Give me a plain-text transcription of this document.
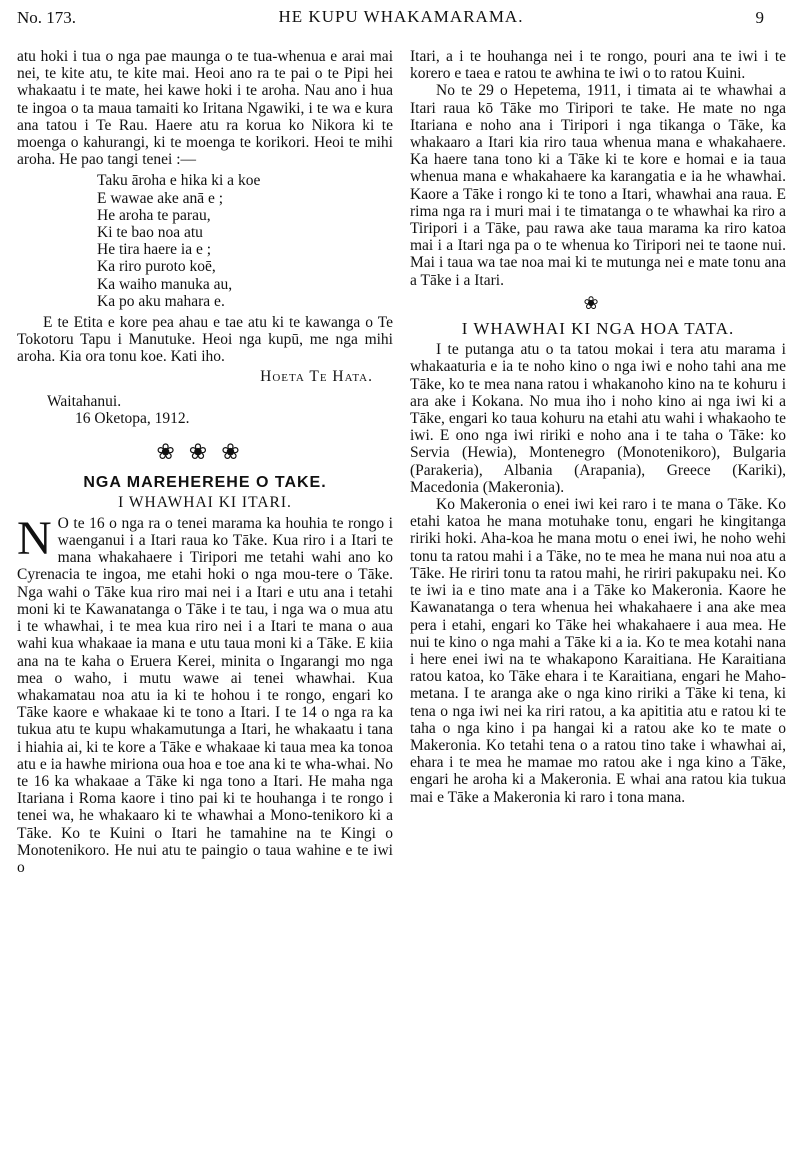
No. 173.	HE KUPU WHAKAMARAMA.	9

atu hoki i tua o nga pae maunga o te tua-whenua e arai mai nei, te kite atu, te kite mai. Heoi ano ra te pai o te Pipi hei whakaatu i te mate, hei kawe hoki i te aroha. Nau ano i hua te ingoa o ta maua tamaiti ko Iritana Ngawiki, i te wa e kura ana tatou i Te Rau. Haere atu ra korua ko Nikora ki te moenga o kahurangi, ki te moenga te korikori. Heoi te mihi aroha. He pao tangi tenei :—

Taku āroha e hika ki a koe
E wawae ake anā e ;
He aroha te parau,
Ki te bao noa atu
He tira haere ia e ;
Ka riro puroto koē,
Ka waiho manuka au,
Ka po aku mahara e.

E te Etita e kore pea ahau e tae atu ki te kawanga o Te Tokotoru Tapu i Manutuke. Heoi nga kupū, me nga mihi aroha. Kia ora tonu koe. Kati iho.

Hoeta Te Hata.
Waitahanui.
16 Oketopa, 1912.
❀❀❀
NGA MAREHEREHE O TAKE.
I WHAWHAI KI ITARI.

N O te 16 o nga ra o tenei marama ka houhia te rongo i waenganui i a Itari raua ko Tāke. Kua riro i a Itari te mana whakahaere i Tiripori me tetahi wahi ano ko Cyrenacia te ingoa, me etahi hoki o nga mou-tere o Tāke. Nga wahi o Tāke kua riro mai nei i a Itari e utu ana i tetahi moni ki te Kawanatanga o Tāke i te tau, i nga wa o mua atu i te whawhai, i te mea kua riro nei i a Itari te mana o aua wahi kua whakaae ia mana e utu taua moni ki a Tāke. E kiia ana na te kaha o Eruera Kerei, minita o Ingarangi mo nga mea o waho, i mutu wawe ai tenei whawhai. Kua whakamatau noa atu ia ki te hohou i te rongo, engari ko Tāke kaore e whakaae ki te tono a Itari. I te 14 o nga ra ka tukua atu te kupu whakamutunga a Itari, he whakaatu i tana i hiahia ai, ki te kore a Tāke e whakaae ki taua mea ka tonoa atu e ia hawhe miriona oua hoa e toe ana ki te wha-whai. No te 16 ka whakaae a Tāke ki nga tono a Itari. He maha nga Itariana i Roma kaore i tino pai ki te houhanga i te rongo i tenei wa, he whakaaro ki te whawhai a Mono-tenikoro ki a Tāke. Ko te Kuini o Itari he tamahine na te Kingi o Monotenikoro. He nui atu te paingio o taua wahine e te iwi o

Itari, a i te houhanga nei i te rongo, pouri ana te iwi i te korero e taea e ratou te awhina te iwi o to ratou Kuini.

No te 29 o Hepetema, 1911, i timata ai te whawhai a Itari raua kō Tāke mo Tiripori te take. He mate no nga Itariana e noho ana i Tiripori i nga tikanga o Tāke, ka whakaaro a Itari kia riro taua whenua mana e whakahaere. Ka haere tana tono ki a Tāke ki te kore e homai e ia taua whenua mana e whakahaere ka karangatia e ia he whawhai. Kaore a Tāke i rongo ki te tono a Itari, whawhai ana raua. E rima nga ra i muri mai i te timatanga o te whawhai ka riro a Tiripori i a Tāke, pau rawa ake taua marama ka riro katoa mai i a Itari nga pa o te whenua ko Tiripori nei te taone nui. Mai i taua wa tae noa mai ki te mutunga nei e mate tonu ana a Tāke i a Itari.

❀
I WHAWHAI KI NGA HOA TATA.

I te putanga atu o ta tatou mokai i tera atu marama i whakaaturia e ia te noho kino o nga iwi e noho tahi ana me Tāke, ko te mea nana ratou i whakanoho kino na te kohuru i ara ake i Kokana. No mua iho i noho kino ai nga iwi ki a Tāke, engari ko taua kohuru na etahi atu wahi i whakaoho te iwi. E ono nga iwi ririki e noho ana i te taha o Tāke: ko Servia (Hewia), Montenegro (Monotenikoro), Bulgaria (Parakeria), Albania (Arapania), Greece (Kariki), Macedonia (Makeronia).

Ko Makeronia o enei iwi kei raro i te mana o Tāke. Ko etahi katoa he mana motuhake tonu, engari he kingitanga ririki hoki. Aha-koa he mana motu o enei iwi, he noho wehi tonu ta ratou mahi i a Tāke, no te mea he mana nui noa atu a Tāke. He ririri tonu ta ratou mahi, he ririri pakupaku nei. Ko te iwi ia e tino mate ana i a Tāke ko Makeronia. Kaore he Kawanatanga o tera whenua hei whakahaere i ana ake mea pera i etahi, engari ko Tāke hei whakahaere i aua mea. He nui te kino o nga mahi a Tāke ki a ia. Ko te mea kotahi nana i here enei iwi na te whakapono Karaitiana. He Karaitiana ratou katoa, ko Tāke ehara i te Karaitiana, engari he Maho-metana. I te aranga ake o nga kino ririki a Tāke ki tena, ki tena o nga iwi nei ka riri ratou, a ka apititia atu e ratou ki te taha o nga kino i pa hangai ki a ratou ake ko te mate o Makeronia. Ko tetahi tena o a ratou tino take i whawhai ai, ehara i te mea he mamae mo ratou ake i nga kino a Tāke, engari he aroha ki a Makeronia. E whai ana ratou kia tukua mai e Tāke a Makeronia ki raro i tona mana.
